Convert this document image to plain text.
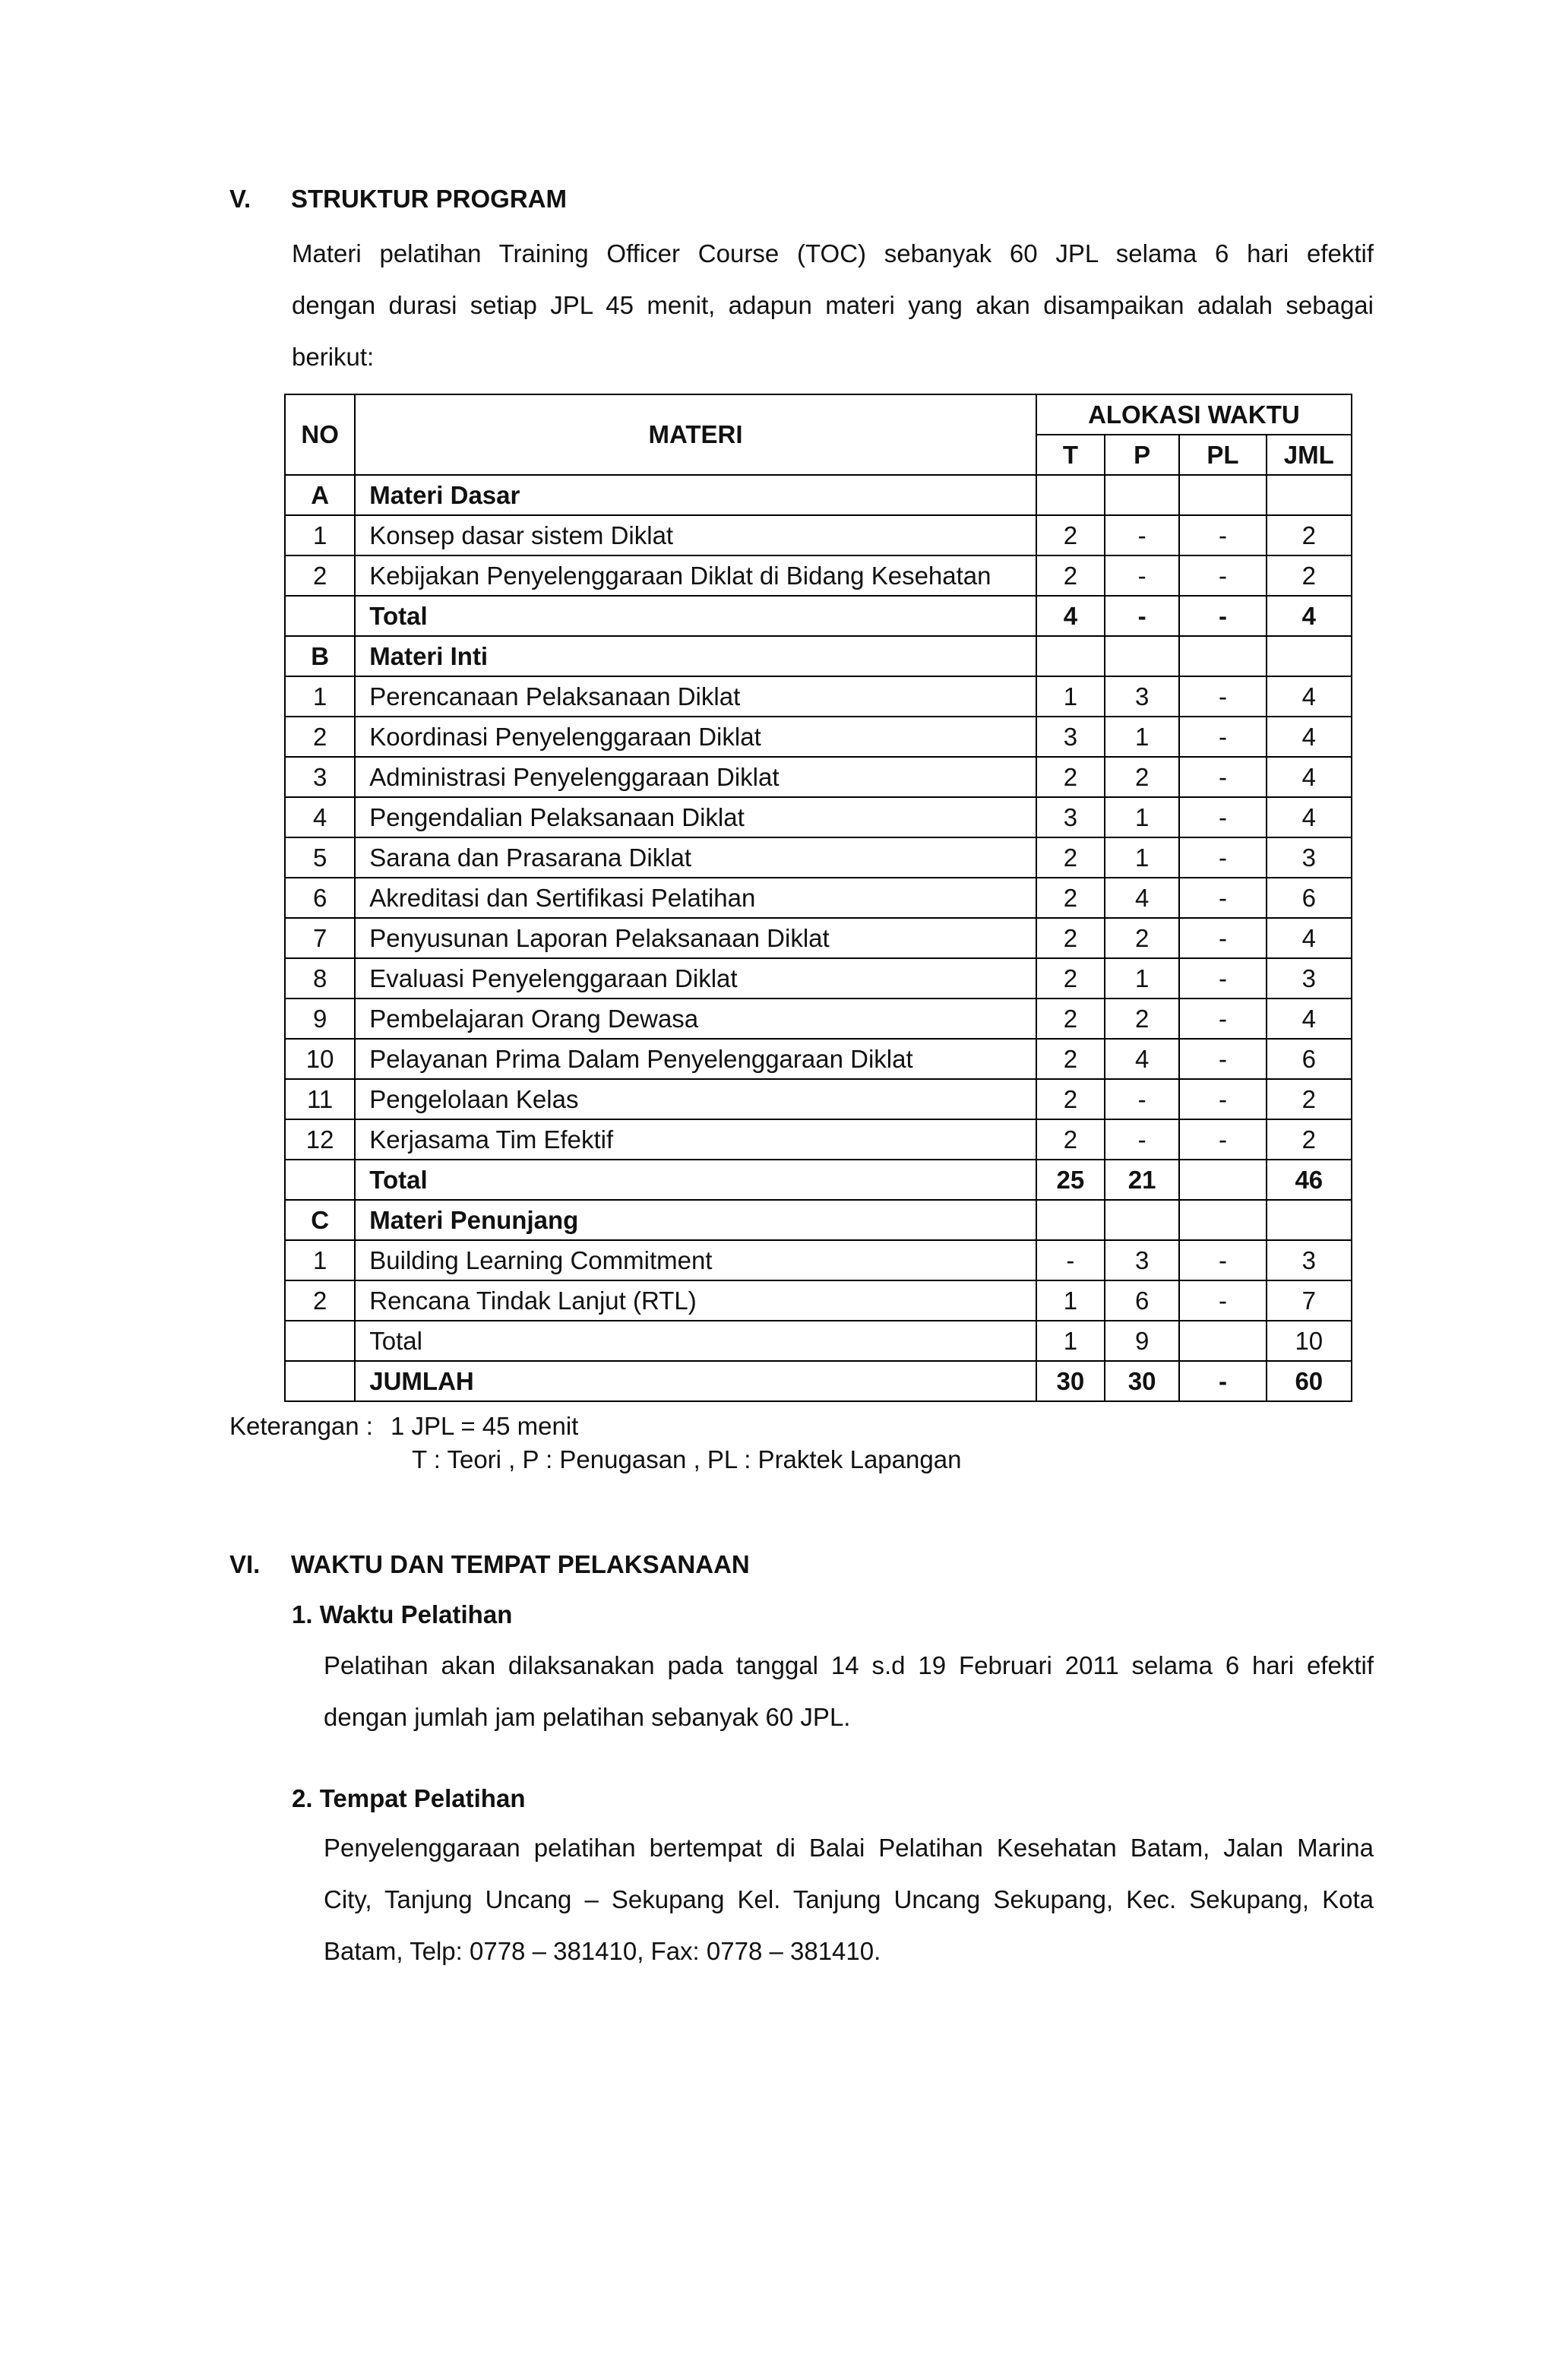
V. STRUKTUR PROGRAM
Materi pelatihan Training Officer Course (TOC) sebanyak 60 JPL selama 6 hari efektif
dengan durasi setiap JPL 45 menit, adapun materi yang akan disampaikan adalah sebagai
berikut:
NO	MATERI	ALOKASI WAKTU			
		T	P	PL	JML
A	Materi Dasar				
1	Konsep dasar sistem Diklat	2	-	-	2
2	Kebijakan Penyelenggaraan Diklat di Bidang Kesehatan	2	-	-	2
	Total	4	-	-	4
B	Materi Inti				
1	Perencanaan Pelaksanaan Diklat	1	3	-	4
2	Koordinasi Penyelenggaraan Diklat	3	1	-	4
3	Administrasi Penyelenggaraan Diklat	2	2	-	4
4	Pengendalian Pelaksanaan Diklat	3	1	-	4
5	Sarana dan Prasarana Diklat	2	1	-	3
6	Akreditasi dan Sertifikasi Pelatihan	2	4	-	6
7	Penyusunan Laporan Pelaksanaan Diklat	2	2	-	4
8	Evaluasi Penyelenggaraan Diklat	2	1	-	3
9	Pembelajaran Orang Dewasa	2	2	-	4
10	Pelayanan Prima Dalam Penyelenggaraan Diklat	2	4	-	6
11	Pengelolaan Kelas	2	-	-	2
12	Kerjasama Tim Efektif	2	-	-	2
	Total	25	21		46
C	Materi Penunjang				
1	Building Learning Commitment	-	3	-	3
2	Rencana Tindak Lanjut (RTL)	1	6	-	7
	Total	1	9		10
	JUMLAH	30	30	-	60
Keterangan : 1 JPL = 45 menit
T : Teori , P : Penugasan , PL : Praktek Lapangan
VI. WAKTU DAN TEMPAT PELAKSANAAN
1. Waktu Pelatihan
Pelatihan akan dilaksanakan pada tanggal 14 s.d 19 Februari 2011 selama 6 hari efektif
dengan jumlah jam pelatihan sebanyak 60 JPL.
2. Tempat Pelatihan
Penyelenggaraan pelatihan bertempat di Balai Pelatihan Kesehatan Batam, Jalan Marina
City, Tanjung Uncang – Sekupang Kel. Tanjung Uncang Sekupang, Kec. Sekupang, Kota
Batam, Telp: 0778 – 381410, Fax: 0778 – 381410.
